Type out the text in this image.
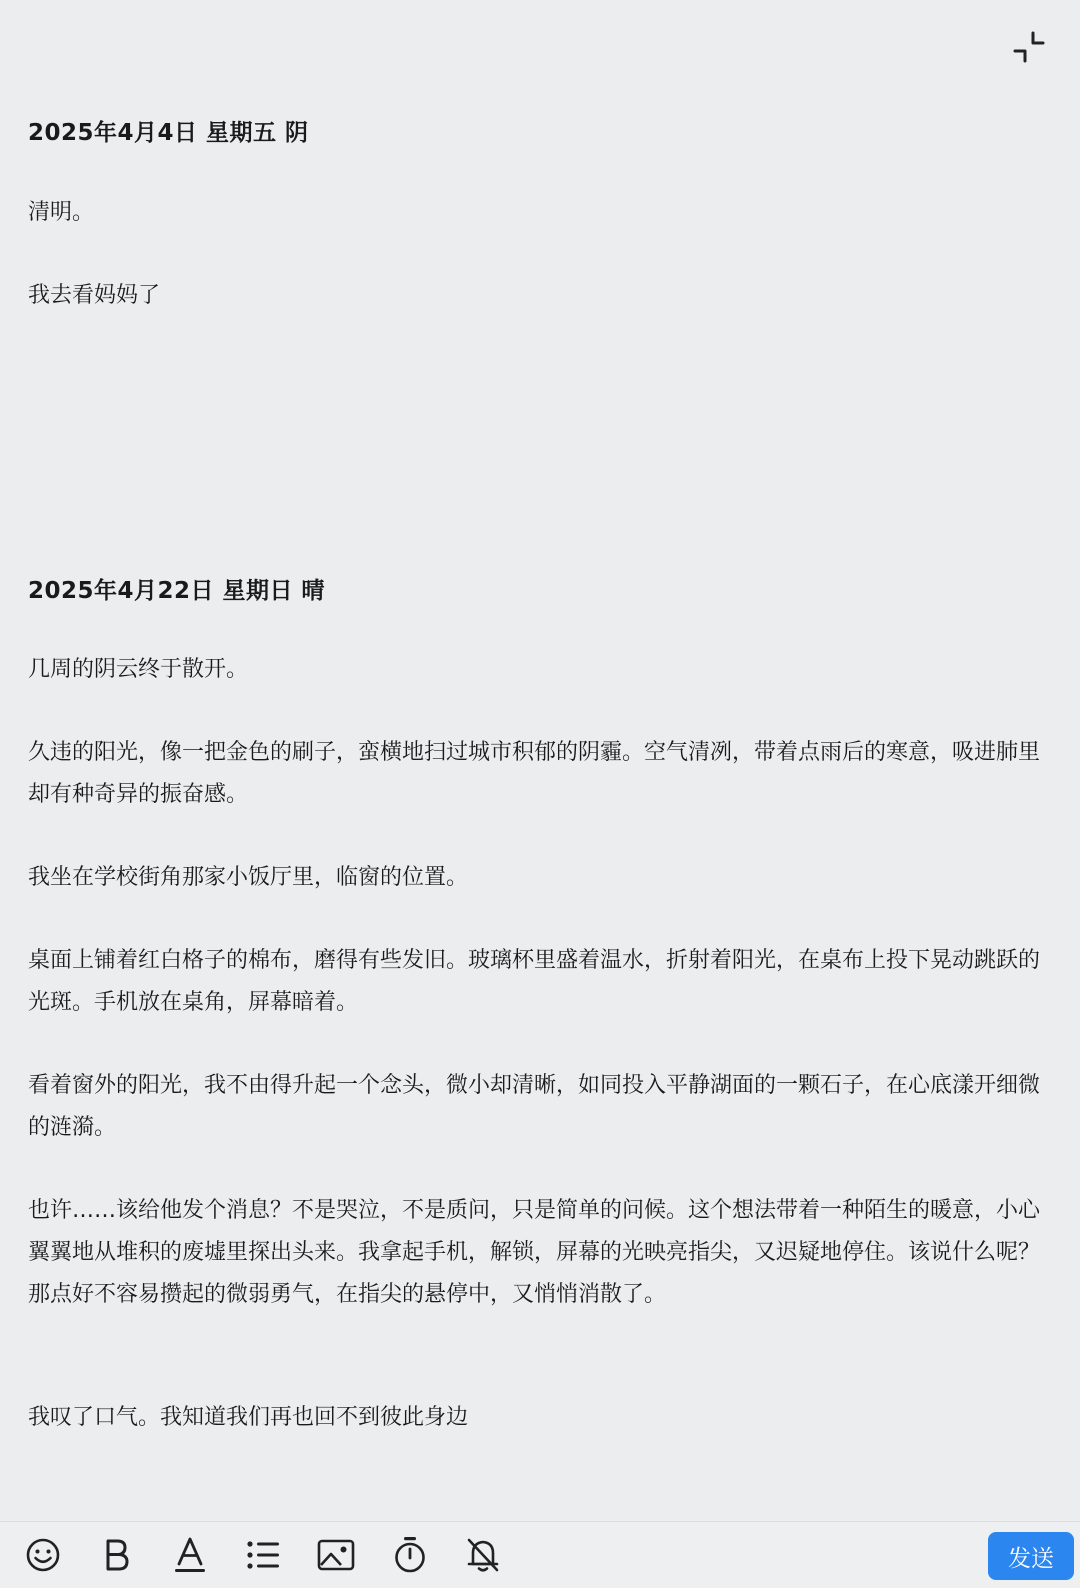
2025年4月4日 星期五 阴
清明。
我去看妈妈了
2025年4月22日 星期日 晴
几周的阴云终于散开。
久违的阳光，像一把金色的刷子，蛮横地扫过城市积郁的阴霾。空气清冽，带着点雨后的寒意，吸进肺里却有种奇异的振奋感。
我坐在学校街角那家小饭厅里，临窗的位置。
桌面上铺着红白格子的棉布，磨得有些发旧。玻璃杯里盛着温水，折射着阳光，在桌布上投下晃动跳跃的光斑。手机放在桌角，屏幕暗着。
看着窗外的阳光，我不由得升起一个念头，微小却清晰，如同投入平静湖面的一颗石子，在心底漾开细微的涟漪。
也许……该给他发个消息？不是哭泣，不是质问，只是简单的问候。这个想法带着一种陌生的暖意，小心翼翼地从堆积的废墟里探出头来。我拿起手机，解锁，屏幕的光映亮指尖，又迟疑地停住。该说什么呢？那点好不容易攒起的微弱勇气，在指尖的悬停中，又悄悄消散了。
我叹了口气。我知道我们再也回不到彼此身边
发送
